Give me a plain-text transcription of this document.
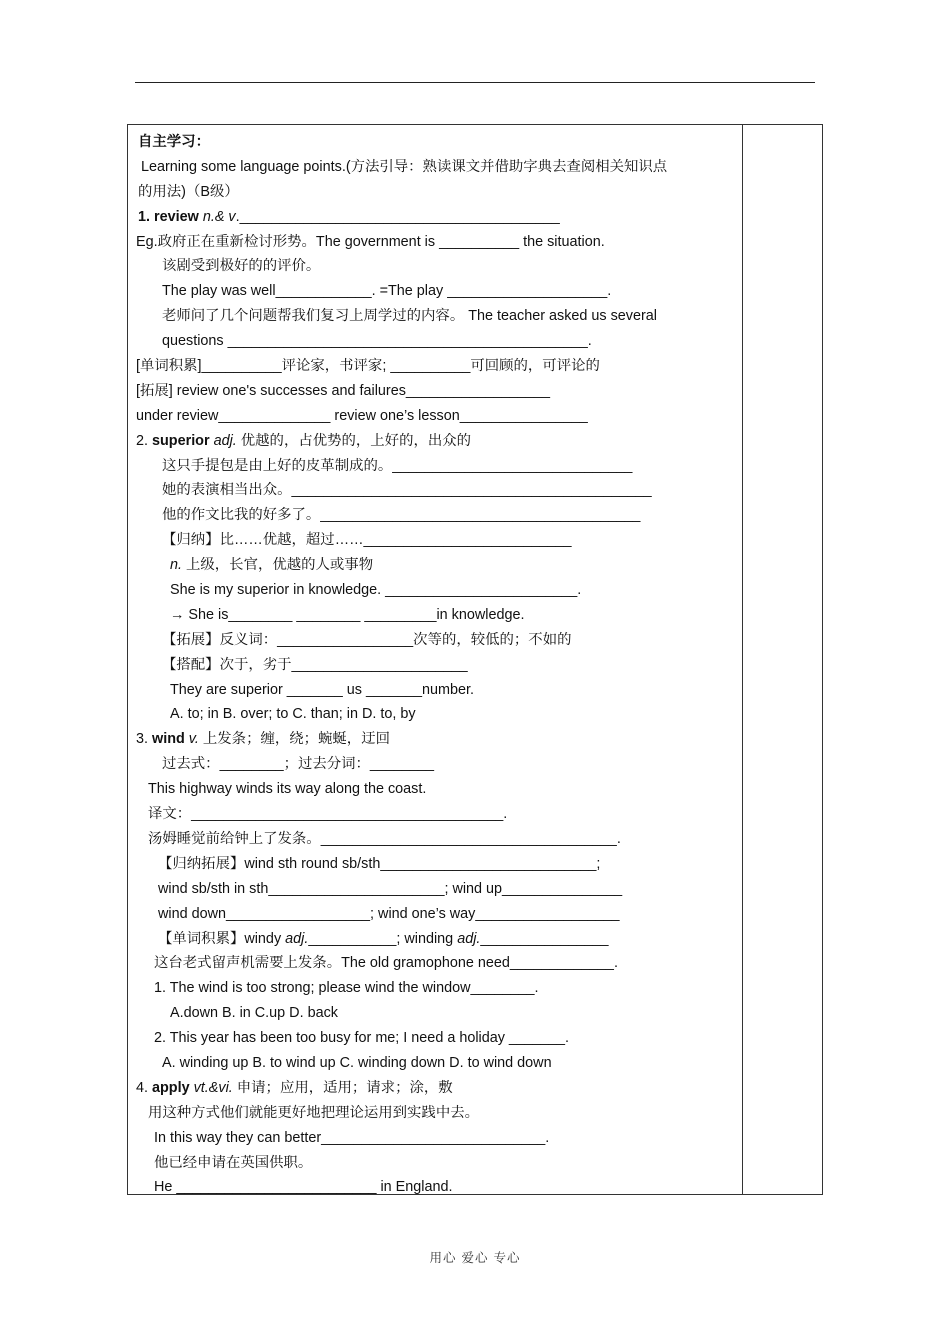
自主学习：
Learning some language points.(方法引导：熟读课文并借助字典去查阅相关知识点
的用法)（B级）
1. review n.& v.________________________________________
Eg.政府正在重新检讨形势。The government is __________ the situation.
该剧受到极好的的评价。
The play was well____________. =The play ____________________.
老师问了几个问题帮我们复习上周学过的内容。 The teacher asked us several
questions _____________________________________________.
[单词积累]__________评论家，书评家; __________可回顾的，可评论的
[拓展] review one's successes and failures__________________
under review______________ review one’s lesson________________
2. superior adj. 优越的，占优势的，上好的，出众的
这只手提包是由上好的皮革制成的。______________________________
她的表演相当出众。_____________________________________________
他的作文比我的好多了。________________________________________
【归纳】比……优越，超过……__________________________
n. 上级，长官，优越的人或事物
She is my superior in knowledge. ________________________.
→ She is________ ________ _________in knowledge.
【拓展】反义词：_________________次等的，较低的；不如的
【搭配】次于，劣于______________________
They are superior _______ us _______number.
A. to; in B. over; to C. than; in D. to, by
3. wind v. 上发条；缠，绕；蜿蜒，迂回
过去式：________；过去分词：________
This highway winds its way along the coast.
译文：_______________________________________.
汤姆睡觉前给钟上了发条。_____________________________________.
【归纳拓展】wind sth round sb/sth___________________________;
wind sb/sth in sth______________________; wind up_______________
wind down__________________; wind one’s way__________________
【单词积累】windy adj.___________; winding adj.________________
这台老式留声机需要上发条。The old gramophone need_____________.
1. The wind is too strong; please wind the window________.
A.down B. in C.up D. back
2. This year has been too busy for me; I need a holiday _______.
A. winding up B. to wind up C. winding down D. to wind down
4. apply vt.&vi. 申请；应用，适用；请求；涂，敷
用这种方式他们就能更好地把理论运用到实践中去。
In this way they can better____________________________.
他已经申请在英国供职。
He _________________________ in England.
用心 爱心 专心
